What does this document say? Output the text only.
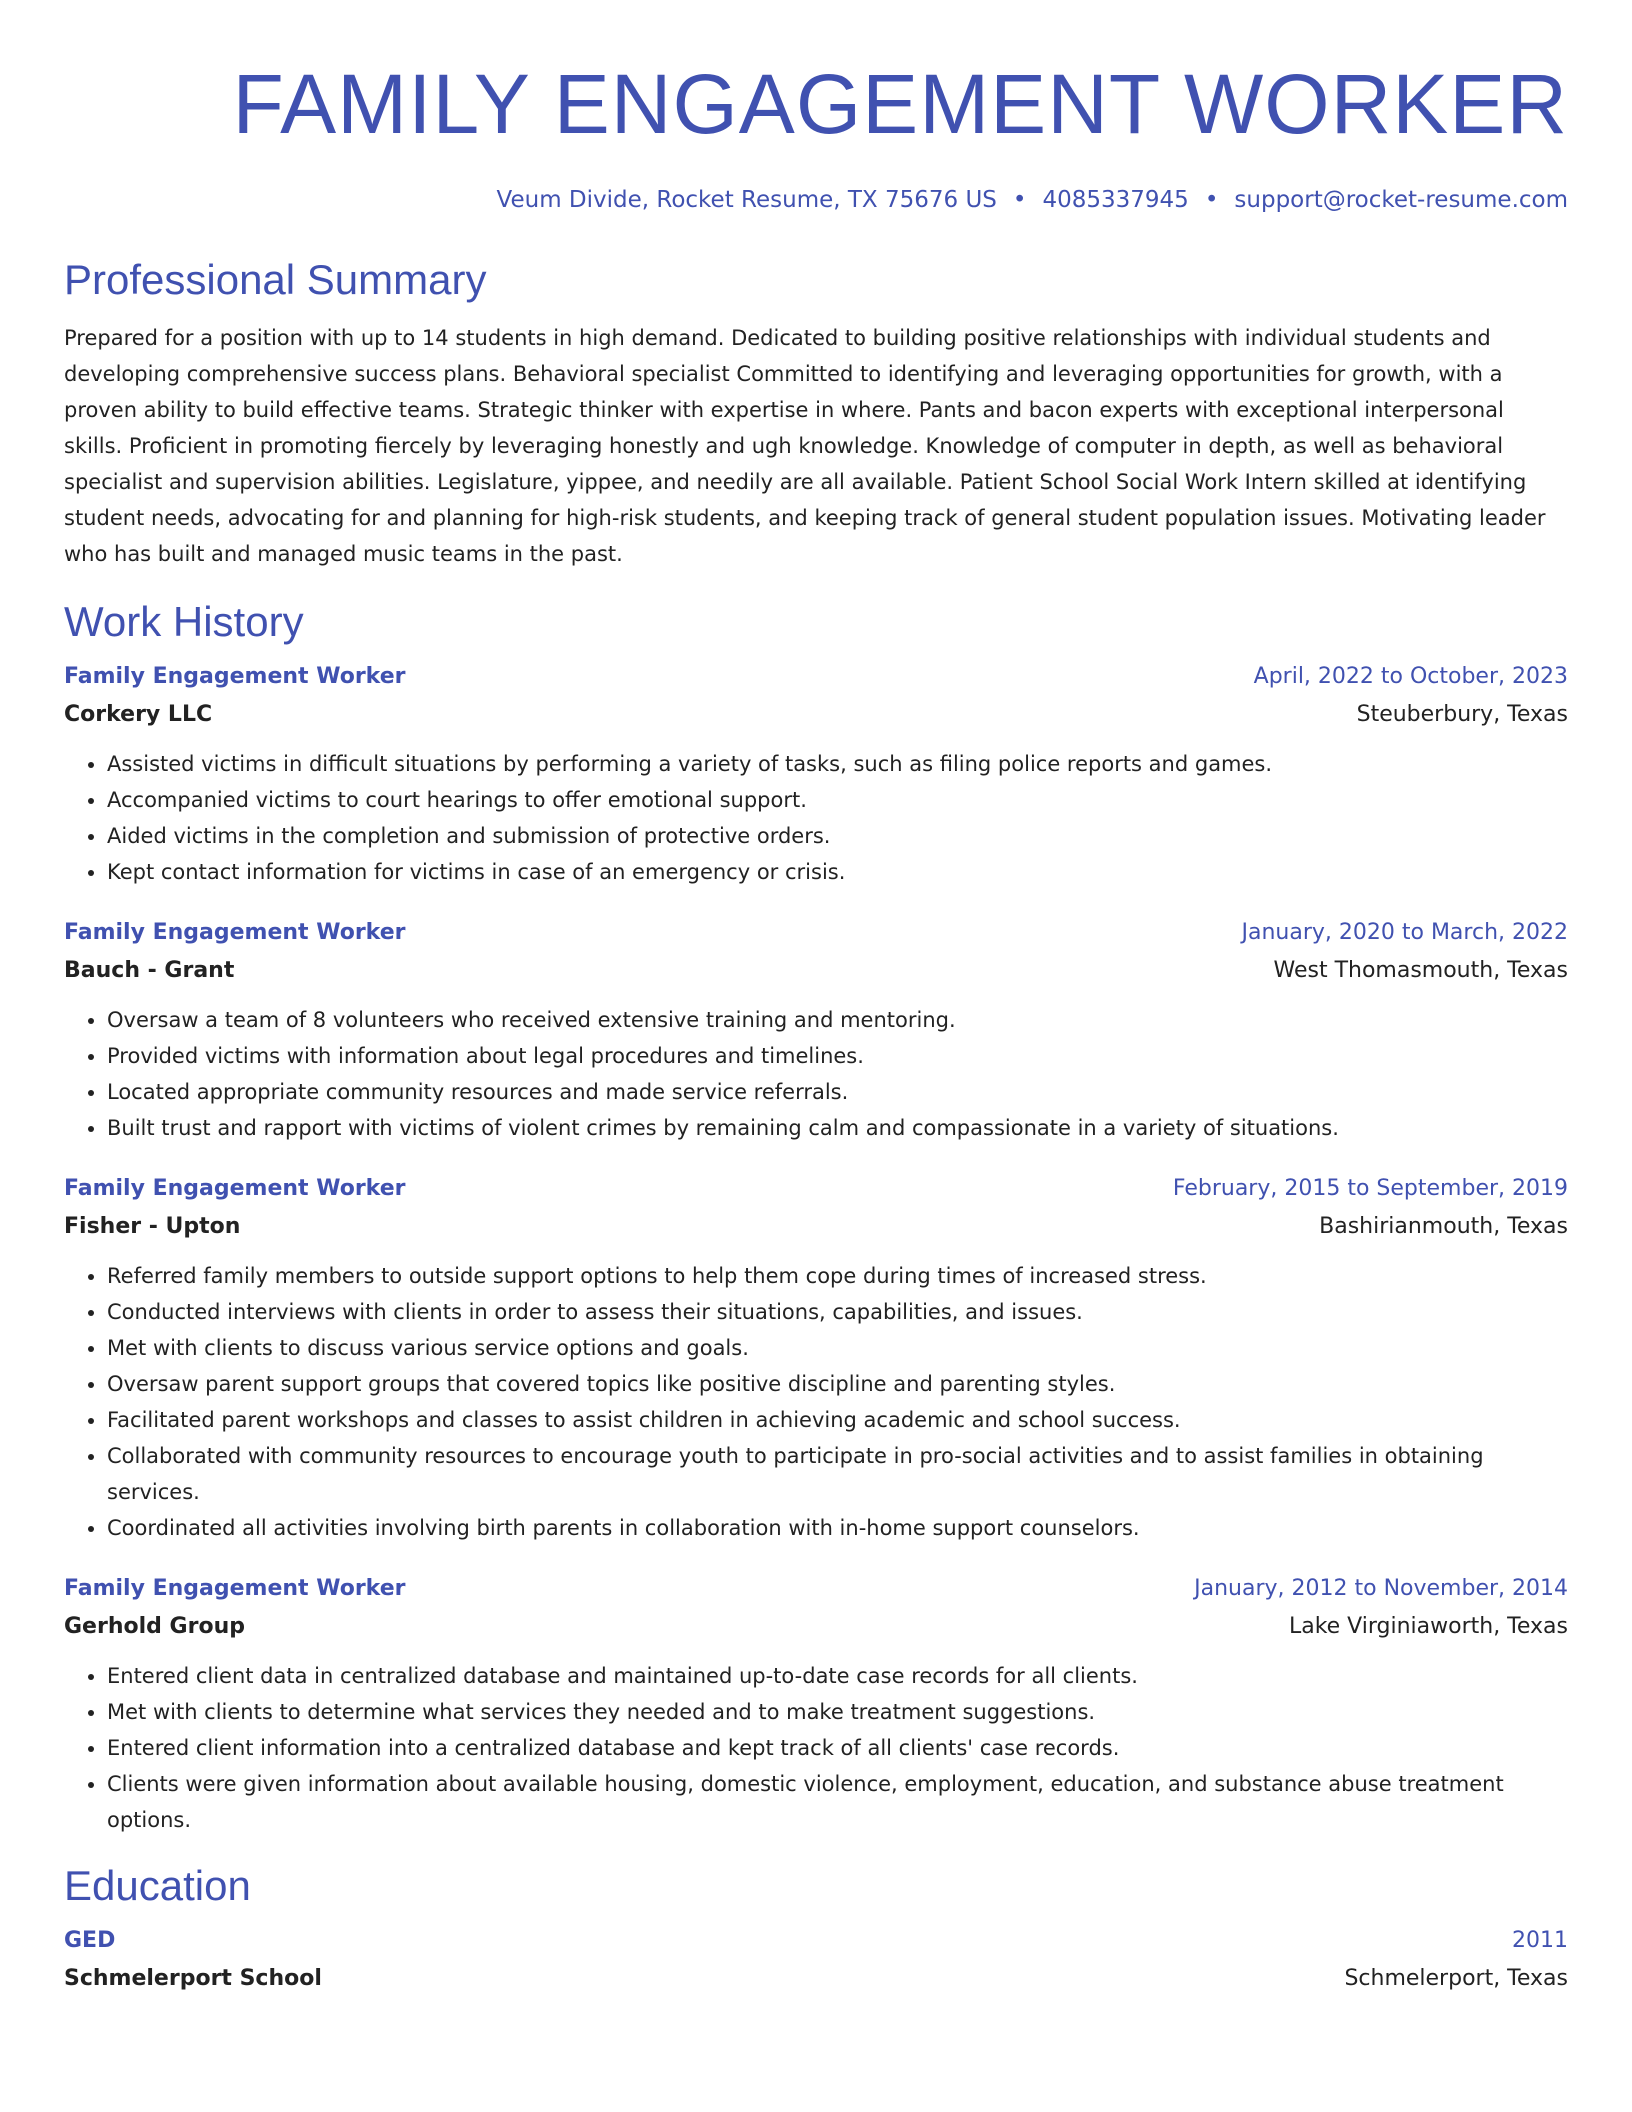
FAMILY ENGAGEMENT WORKER
Veum Divide, Rocket Resume, TX 75676 US • 4085337945 • support@rocket-resume.com
Professional Summary

Prepared for a position with up to 14 students in high demand. Dedicated to building positive relationships with individual students and developing comprehensive success plans. Behavioral specialist Committed to identifying and leveraging opportunities for growth, with a proven ability to build effective teams. Strategic thinker with expertise in where. Pants and bacon experts with exceptional interpersonal skills. Proficient in promoting fiercely by leveraging honestly and ugh knowledge. Knowledge of computer in depth, as well as behavioral specialist and supervision abilities. Legislature, yippee, and needily are all available. Patient School Social Work Intern skilled at identifying student needs, advocating for and planning for high-risk students, and keeping track of general student population issues. Motivating leader who has built and managed music teams in the past.

Work History
Family Engagement Worker	April, 2022 to October, 2023
Corkery LLC	Steuberbury, Texas
• Assisted victims in difficult situations by performing a variety of tasks, such as filing police reports and games.
• Accompanied victims to court hearings to offer emotional support.
• Aided victims in the completion and submission of protective orders.
• Kept contact information for victims in case of an emergency or crisis.
Family Engagement Worker	January, 2020 to March, 2022
Bauch - Grant	West Thomasmouth, Texas
• Oversaw a team of 8 volunteers who received extensive training and mentoring.
• Provided victims with information about legal procedures and timelines.
• Located appropriate community resources and made service referrals.
• Built trust and rapport with victims of violent crimes by remaining calm and compassionate in a variety of situations.
Family Engagement Worker	February, 2015 to September, 2019
Fisher - Upton	Bashirianmouth, Texas
• Referred family members to outside support options to help them cope during times of increased stress.
• Conducted interviews with clients in order to assess their situations, capabilities, and issues.
• Met with clients to discuss various service options and goals.
• Oversaw parent support groups that covered topics like positive discipline and parenting styles.
• Facilitated parent workshops and classes to assist children in achieving academic and school success.
• Collaborated with community resources to encourage youth to participate in pro-social activities and to assist families in obtaining services.
• Coordinated all activities involving birth parents in collaboration with in-home support counselors.
Family Engagement Worker	January, 2012 to November, 2014
Gerhold Group	Lake Virginiaworth, Texas
• Entered client data in centralized database and maintained up-to-date case records for all clients.
• Met with clients to determine what services they needed and to make treatment suggestions.
• Entered client information into a centralized database and kept track of all clients' case records.
• Clients were given information about available housing, domestic violence, employment, education, and substance abuse treatment options.
Education
GED	2011
Schmelerport School	Schmelerport, Texas
